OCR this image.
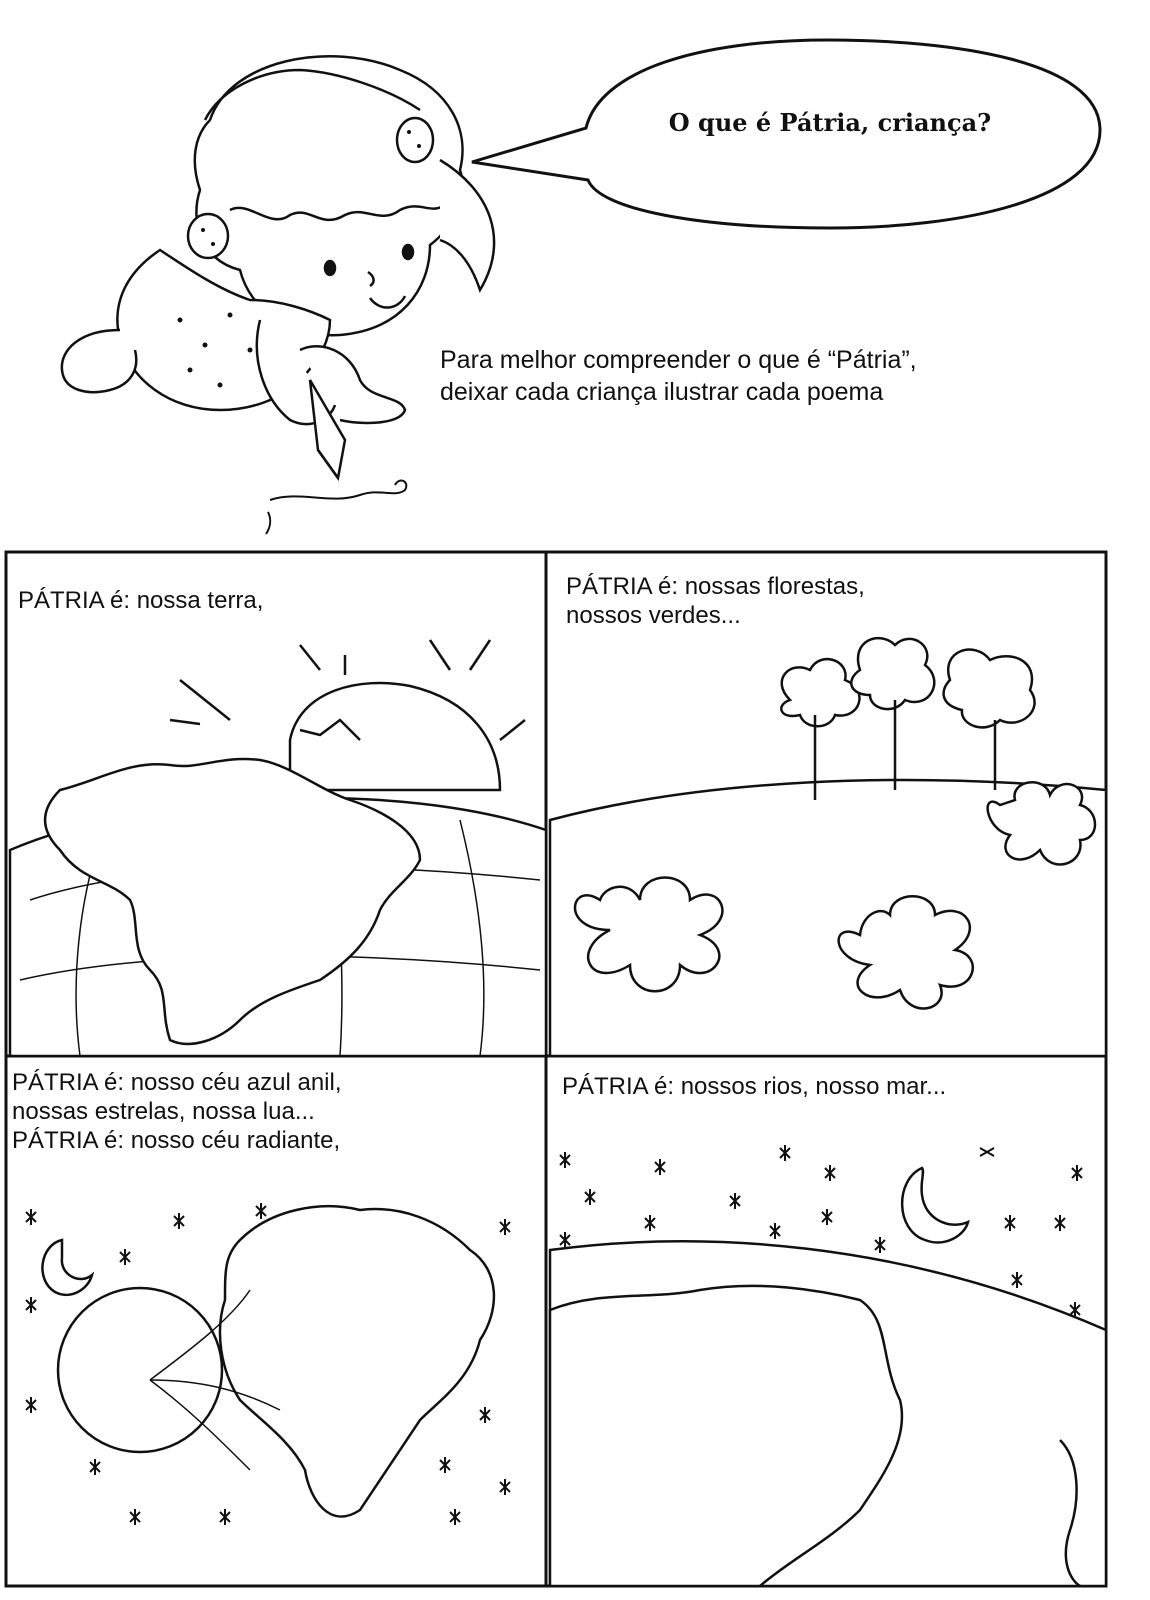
O que é Pátria, criança?
Para melhor compreender o que é “Pátria”,
deixar cada criança ilustrar cada poema
PÁTRIA é: nossa terra,
PÁTRIA é: nossas florestas,
nossos verdes...
PÁTRIA é: nosso céu azul anil,
nossas estrelas, nossa lua...
PÁTRIA é: nosso céu radiante,
PÁTRIA é: nossos rios, nosso mar...
